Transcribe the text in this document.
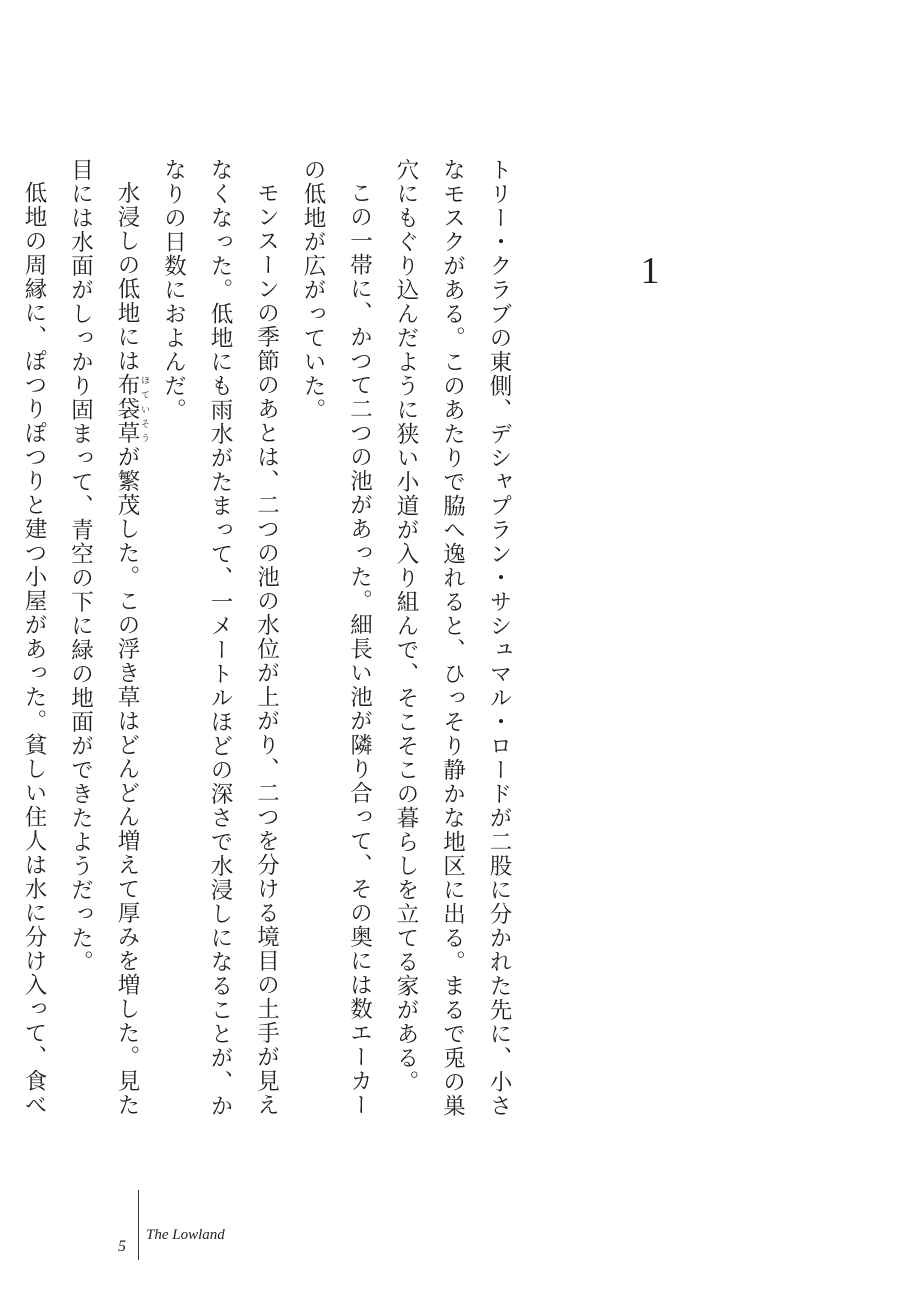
1

トリー・クラブの東側、デシャプラン・サシュマル・ロードが二股に分かれた先に、小さなモスクがある。このあたりで脇へ逸れると、ひっそり静かな地区に出る。まるで兎の巣穴にもぐり込んだように狭い小道が入り組んで、そこそこの暮らしを立てる家がある。

この一帯に、かつて二つの池があった。細長い池が隣り合って、その奥には数エーカーの低地が広がっていた。

モンスーンの季節のあとは、二つの池の水位が上がり、二つを分ける境目の土手が見えなくなった。低地にも雨水がたまって、一メートルほどの深さで水浸しになることが、かなりの日数におよんだ。

水浸しの低地には布袋草 ほていそうが繁茂した。この浮き草はどんどん増えて厚みを増した。見た目には水面がしっかり固まって、青空の下に緑の地面ができたようだった。

低地の周縁に、ぽつりぽつりと建つ小屋があった。貧しい住人は水に分け入って、食べ

5
The Lowland
